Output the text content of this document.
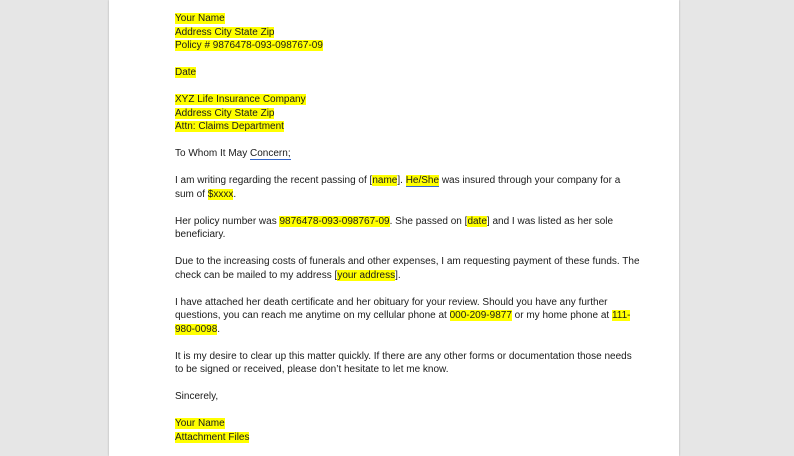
Your Name

Address City State Zip

Policy # 9876478-093-098767-09

Date

XYZ Life Insurance Company

Address City State Zip

Attn: Claims Department

To Whom It May Concern;

I am writing regarding the recent passing of [name]. He/She was insured through your company for a

sum of $xxxx.

Her policy number was 9876478-093-098767-09. She passed on [date] and I was listed as her sole

beneficiary.

Due to the increasing costs of funerals and other expenses, I am requesting payment of these funds. The

check can be mailed to my address [your address].

I have attached her death certificate and her obituary for your review. Should you have any further

questions, you can reach me anytime on my cellular phone at 000-209-9877 or my home phone at 111-

980-0098.

It is my desire to clear up this matter quickly. If there are any other forms or documentation those needs

to be signed or received, please don’t hesitate to let me know.

Sincerely,

Your Name

Attachment Files
